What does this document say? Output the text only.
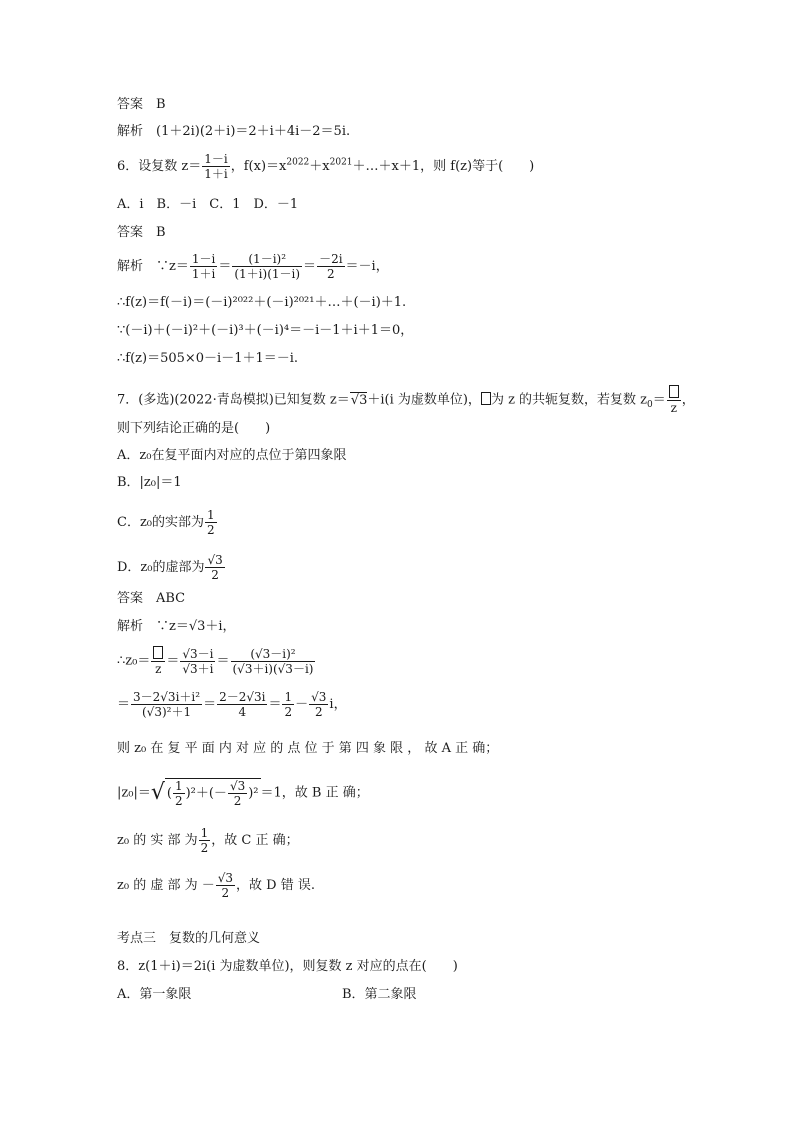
答案　B
解析　(1＋2i)(2＋i)＝2＋i＋4i－2＝5i.
6．设复数 $z= \frac{1-i}{1+i}$ ，$f(x)=x^{2022}+x^{2021}+\dots+x+1$，则 f(z)等于(　　)
A．i　B．－i　C．1　D．－1
答案　B
解析　∵z＝ $\frac{1-i}{1+i} = \frac{\text{(1－i)²}}{(1+i)(1-i)} = \frac{-2i}{2} =-i$，
∴f(z)＝f(－i)＝(－i)²⁰²²＋(－i)²⁰²¹＋…＋(－i)＋1.
∵(－i)＋(－i)²＋(－i)³＋(－i)⁴＝－i－1＋i＋1＝0，
∴f(z)＝505×0－i－1＋1＝－i.
7．(多选)(2022·青岛模拟)已知复数 z＝√3＋i(i 为虚数单位)， 为 z 的共轭复数，若复数 $z_0=$
z
，
则下列结论正确的是(　　)
A．z₀在复平面内对应的点位于第四象限
B．|z₀|＝1
C．z₀的实部为 $\frac{1}{2}$
D．z₀的虚部为 $\frac{√3}{2}$
答案　ABC
解析　∵z＝√3＋i，
∴z₀＝
z
＝ $\frac{√3-i}{√3+i} = \frac{\text{(√3－i)²}}{(√3+i)(√3-i)}$
＝ $\frac{\text{3－2√3i＋i²}}{\text{(√3)²＋1}} = \frac{2-2√3i}{4} = \frac{1}{2} - \frac{√3}{2}$ i，
则 z₀ 在 复 平 面 内 对 应 的 点 位 于 第 四 象 限 ， 故 A 正 确；
|z₀|＝√ ( $\frac{1}{2} )^2+(- \frac{√3}{2} )^2 =1$，故 B 正 确；
z₀ 的 实 部 为 $\frac{1}{2}$ ，故 C 正 确；
z₀ 的 虚 部 为 － $\frac{√3}{2}$ ，故 D 错 误.
考点三　复数的几何意义
8．z(1＋i)＝2i(i 为虚数单位)，则复数 z 对应的点在(　　)
A．第一象限	B．第二象限
